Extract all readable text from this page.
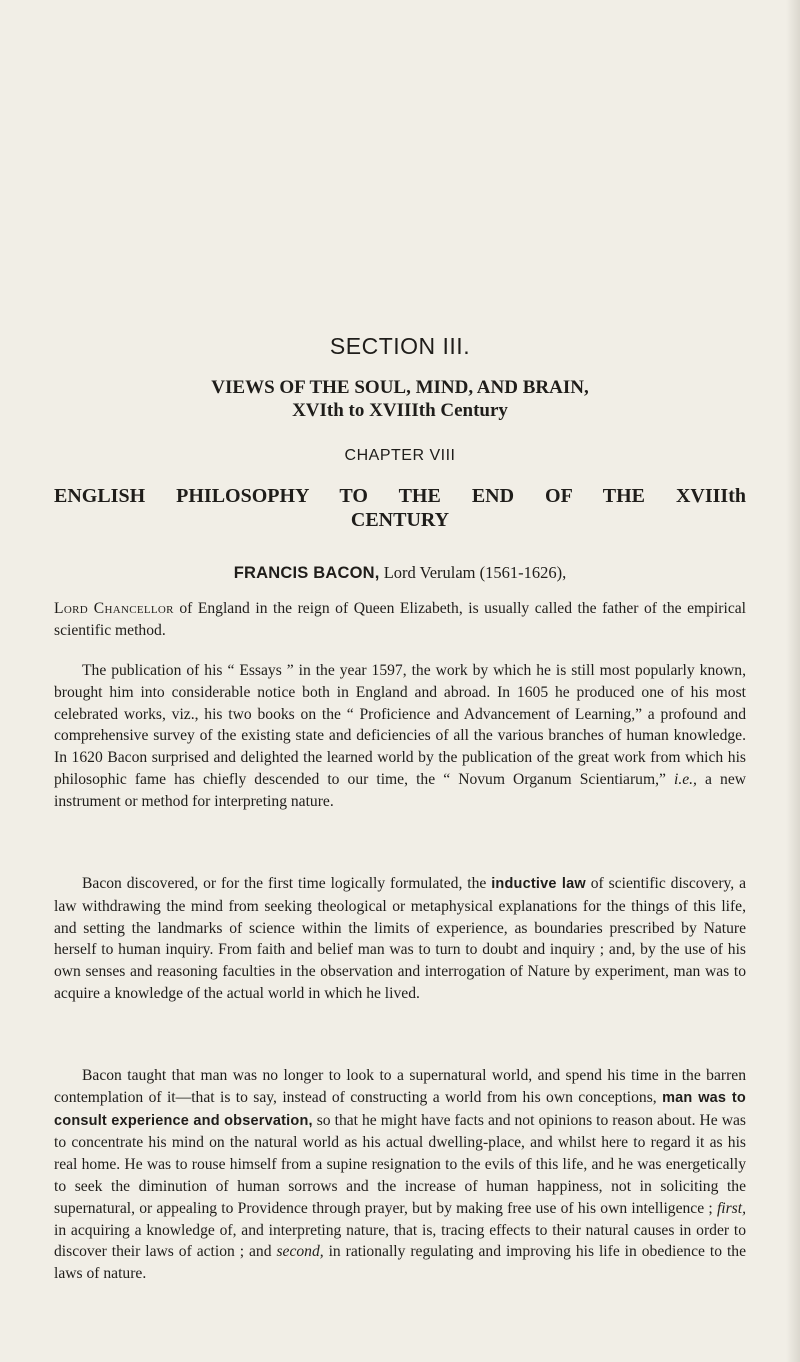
SECTION III.
VIEWS OF THE SOUL, MIND, AND BRAIN,
XVIth to XVIIIth Century
CHAPTER VIII
ENGLISH PHILOSOPHY TO THE END OF THE XVIIIth
CENTURY
FRANCIS BACON, Lord Verulam (1561-1626),

Lord Chancellor of England in the reign of Queen Elizabeth, is usually called the father of the empirical scientific method.

The publication of his “ Essays ” in the year 1597, the work by which he is still most popularly known, brought him into considerable notice both in England and abroad. In 1605 he produced one of his most celebrated works, viz., his two books on the “ Proficience and Advancement of Learning,” a profound and comprehensive survey of the existing state and deficiencies of all the various branches of human knowledge. In 1620 Bacon surprised and delighted the learned world by the publication of the great work from which his philosophic fame has chiefly descended to our time, the “ Novum Organum Scientiarum,” i.e., a new instrument or method for interpreting nature.

Bacon discovered, or for the first time logically formulated, the inductive law of scientific discovery, a law withdrawing the mind from seeking theological or metaphysical explanations for the things of this life, and setting the landmarks of science within the limits of experience, as boundaries prescribed by Nature herself to human inquiry. From faith and belief man was to turn to doubt and inquiry ; and, by the use of his own senses and reasoning faculties in the observation and interrogation of Nature by experiment, man was to acquire a knowledge of the actual world in which he lived.

Bacon taught that man was no longer to look to a supernatural world, and spend his time in the barren contemplation of it—that is to say, instead of constructing a world from his own conceptions, man was to consult experience and observation, so that he might have facts and not opinions to reason about. He was to concentrate his mind on the natural world as his actual dwelling-place, and whilst here to regard it as his real home. He was to rouse himself from a supine resignation to the evils of this life, and he was energetically to seek the diminution of human sorrows and the increase of human happiness, not in soliciting the supernatural, or appealing to Providence through prayer, but by making free use of his own intelligence ; first, in acquiring a knowledge of, and interpreting nature, that is, tracing effects to their natural causes in order to discover their laws of action ; and second, in rationally regulating and improving his life in obedience to the laws of nature.
